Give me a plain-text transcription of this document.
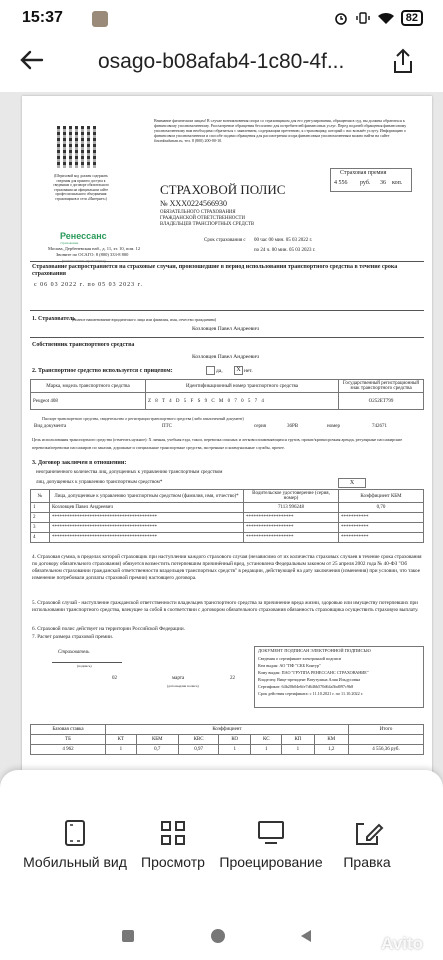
15:37	82
osago-b08afab4-1c80-4f...
Внимание физическим лицам! В случае возникновения спора со страховщиком для его урегулирования, обращения в суд, вы должны обратиться к финансовому уполномоченному. Рассмотрение обращения бесплатно для потребителей финансовых услуг. Перед подачей обращения финансовому уполномоченному вам необходимо обратиться с заявлением, содержащим претензию, к страховщику, который с вас возьмёт услугу. Информацию о финансовом уполномоченном и способе подачи обращения для рассмотрения спора финансовым уполномоченным можно найти на сайте finombudsman.ru, тел. 8 (800) 200-00-10.
(Штриховой код должен содержать сведения для прямого доступа к сведениям о договоре обязательного страхования на официальном сайте профессионального объединения страховщиков в сети «Интернет»)
Ренессанс
страхование
Москва, Дербеневская наб., д. 11, эт. 10, пом. 12
Звоните по ОСАГО: 8 (800) 333-8 800
СТРАХОВОЙ ПОЛИС
№ ХХХ0224566930
ОБЯЗАТЕЛЬНОГО СТРАХОВАНИЯ ГРАЖДАНСКОЙ ОТВЕТСТВЕННОСТИ ВЛАДЕЛЬЦЕВ ТРАНСПОРТНЫХ СРЕДСТВ
Страховая премия
4 556 руб. 36 коп.
Срок страхования с 00 час 00 мин. 05 03 2022 г.
по 24 ч. 00 мин. 05 03 2023 г.
Страхование распространяется на страховые случаи, произошедшие в период использования транспортного средства в течение срока страхования
с 06 03 2022 г. по 05 03 2023 г.
1. Страхователь
(полное наименование юридического лица или фамилия, имя, отчество гражданина)
Козловцев Павел Андреевич
Собственник транспортного средства
Козловцев Павел Андреевич
2. Транспортное средство используется с прицепом:	да,	X нет.
Марка, модель транспортного средства	Идентификационный номер транспортного средства	Государственный регистрационный знак транспортного средства
Peugeot 408	Z 8 T 4 D 5 F S 9 C M 0 7 0 5 7 4	О252ЕТ799
Паспорт транспортного средства, свидетельство о регистрации транспортного средства (либо аналогичный документ)
Вид документа	ПТС	серия	36РВ	номер	742671
Цель использования транспортного средства (отметить нужное): X личная, учебная езда, такси, перевозка опасных и легковоспламеняющихся грузов, прокат/краткосрочная аренда, регулярные пассажирские перевозки/перевозки пассажиров по заказам, дорожные и специальные транспортные средства, экстренные и коммунальные службы, прочее.
3. Договор заключен в отношении:
неограниченного количества лиц, допущенных к управлению транспортным средством
лиц, допущенных к управлению транспортным средством*	X
№	Лица, допущенные к управлению транспортным средством (фамилия, имя, отчество)*	Водительское удостоверение (серия, номер)	Коэффициент КБМ
1	Козловцев Павел Андреевич	7113 996248	0,70
2	******************************************	*******************	***********
3	******************************************	*******************	***********
4	******************************************	*******************	***********
4. Страховая сумма, в пределах которой страховщик при наступлении каждого страхового случая (независимо от их количества страховых случаев в течение срока страхования по договору обязательного страхования) обязуется возместить потерпевшим причинённый вред, установлена Федеральным законом от 25 апреля 2002 года № 40-ФЗ "Об обязательном страховании гражданской ответственности владельцев транспортных средств" в редакции, действующей на дату заключения (изменения) при условии, что такое изменение потребовали доплаты страховой премии) настоящего договора.
5. Страховой случай - наступление гражданской ответственности владельцев транспортного средства за причинение вреда жизни, здоровью или имуществу потерпевших при использовании транспортного средства, влекущее за собой в соответствии с договором обязательного страхования обязанность страховщика осуществить страховую выплату.
6. Страховой полис действует на территории Российской Федерации.
7. Расчет размера страховой премии.
Страхователь
(подпись)
02	марта	22
(дата выдачи полиса)
ДОКУМЕНТ ПОДПИСАН ЭЛЕКТРОННОЙ ПОДПИСЬЮ
Сведения о сертификате электронной подписи
Кем выдан: АО "ПФ "СКБ Контур"
Кому выдан: ПАО "ГРУППА РЕНЕССАНС СТРАХОВАНИЕ"
Владелец: Вице-президент Ватутулина Алия Ильдусовна
Сертификат: 64b20b04e6fe7d646b570d64a5bd097c9b8
Срок действия сертификата: с 11.10.2021 г. по 11.10.2022 г.
Базовая ставка	Коэффициент							Итого
ТБ	КТ	КБМ	КВС	КО	КС	КП	КМ	
4 962	1	0,7	0,97	1	1	1	1,2	4 556,36 руб.
Мобильный вид	Просмотр	Проецирование	Правка
Avito
